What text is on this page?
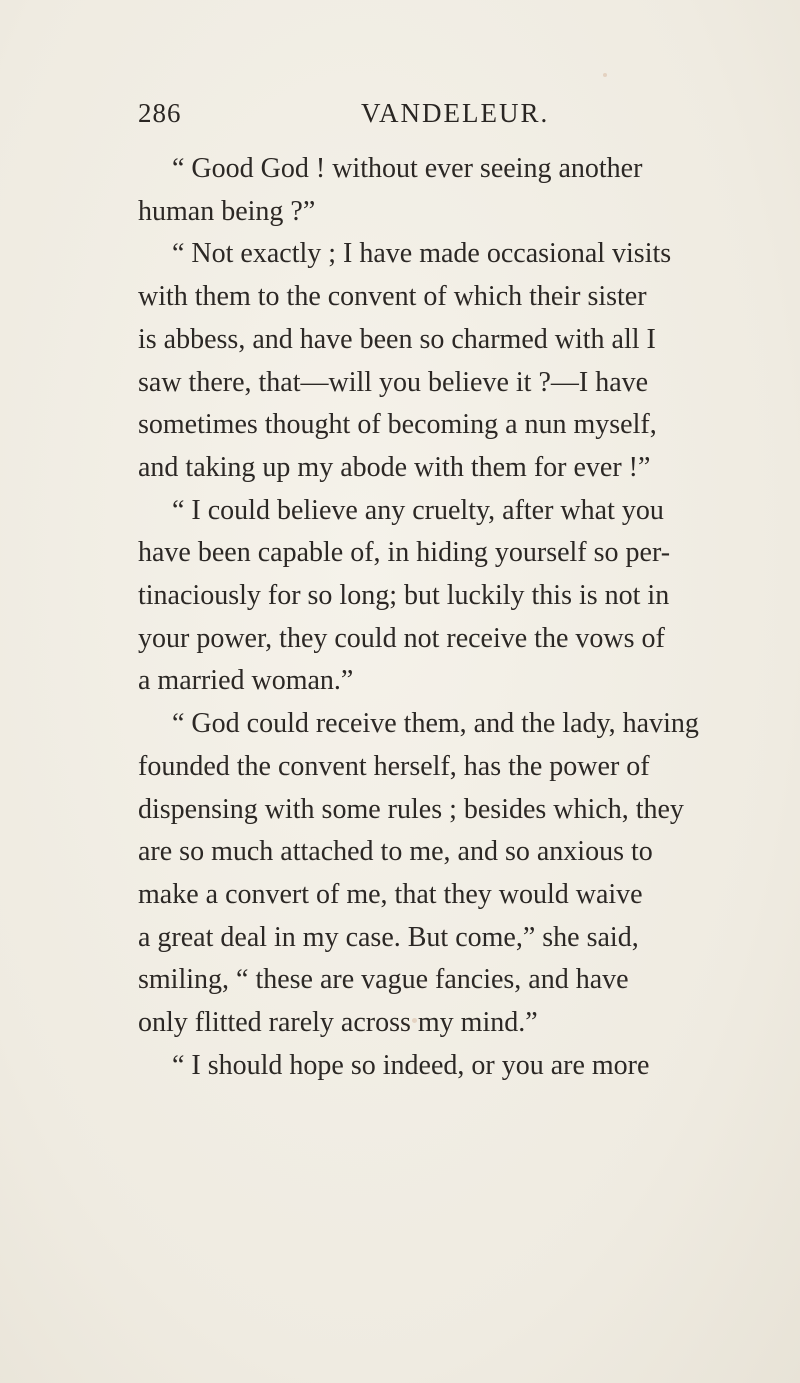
286	VANDELEUR.

“ Good God ! without ever seeing another
human being ?”

“ Not exactly ; I have made occasional visits
with them to the convent of which their sister
is abbess, and have been so charmed with all I
saw there, that—will you believe it ?—I have
sometimes thought of becoming a nun myself,
and taking up my abode with them for ever !”

“ I could believe any cruelty, after what you
have been capable of, in hiding yourself so per-
tinaciously for so long; but luckily this is not in
your power, they could not receive the vows of
a married woman.”

“ God could receive them, and the lady, having
founded the convent herself, has the power of
dispensing with some rules ; besides which, they
are so much attached to me, and so anxious to
make a convert of me, that they would waive
a great deal in my case. But come,” she said,
smiling, “ these are vague fancies, and have
only flitted rarely across my mind.”

“ I should hope so indeed, or you are more
